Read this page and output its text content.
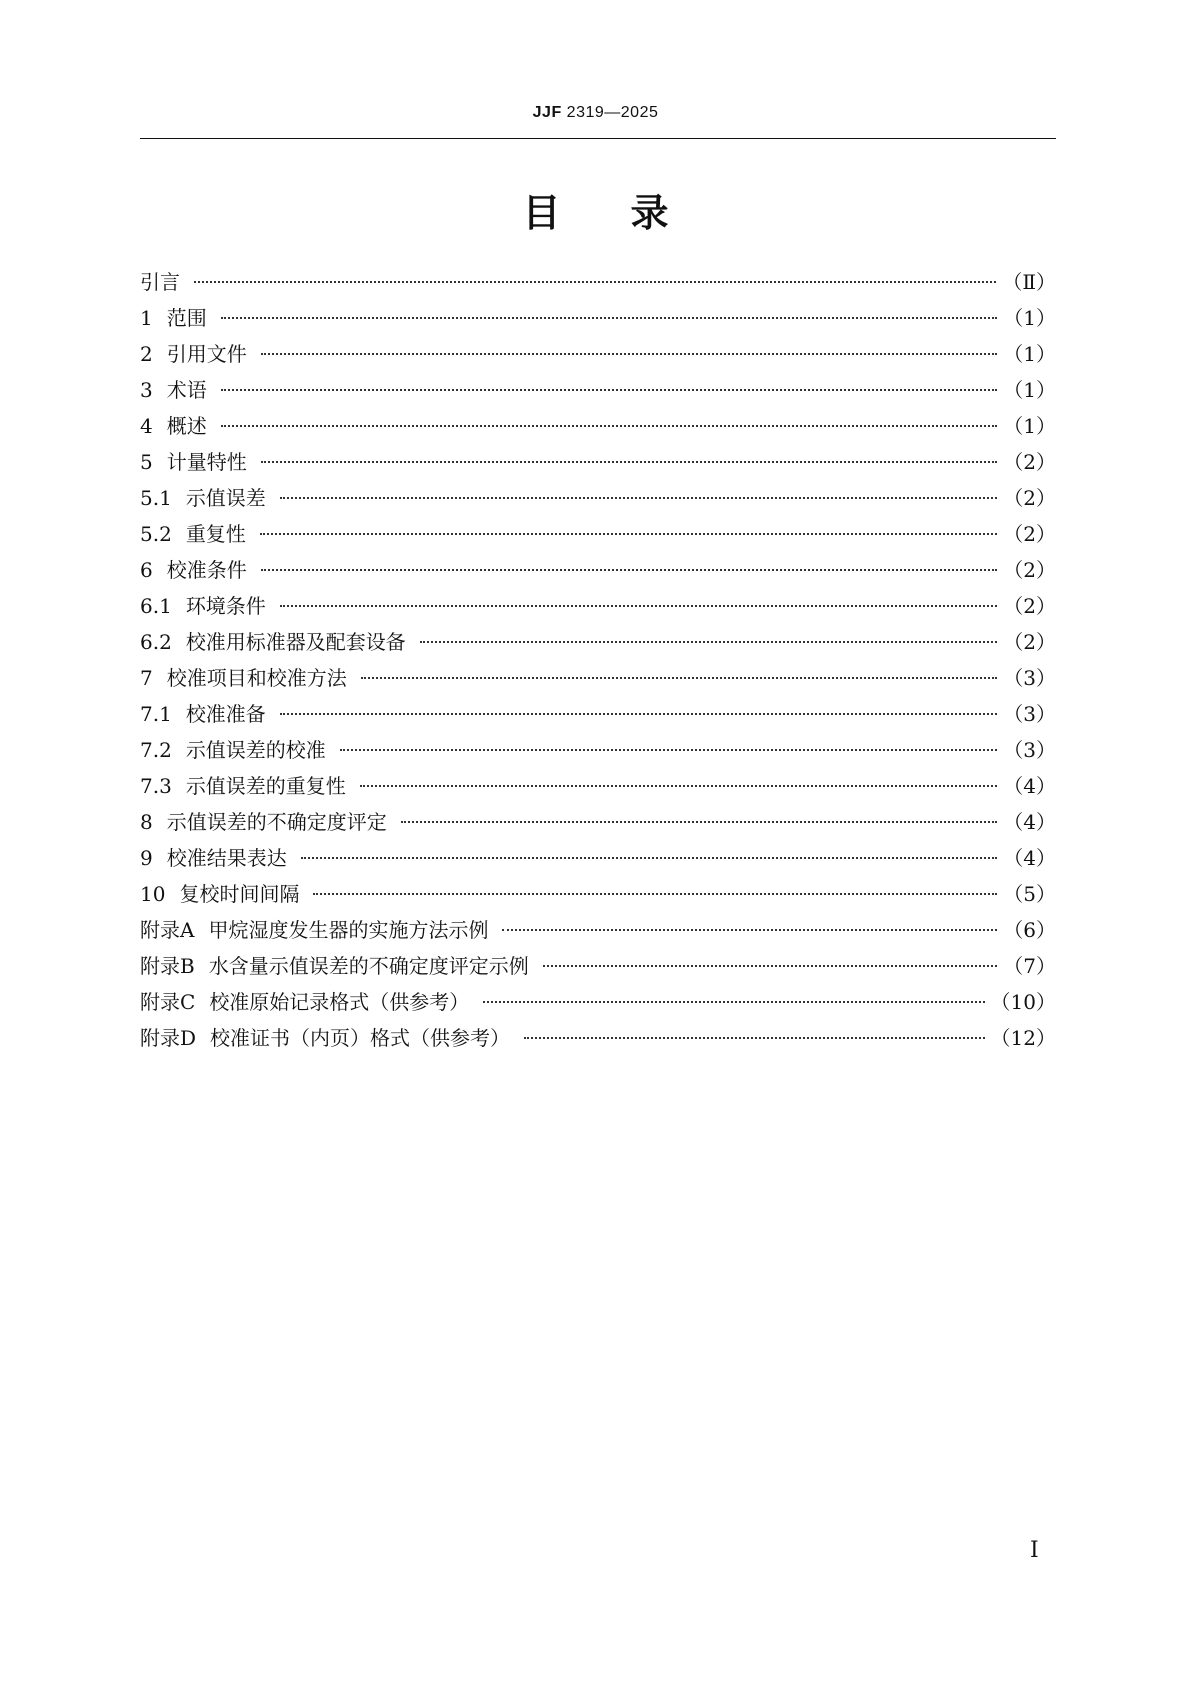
JJF 2319—2025
目录
引言	（Ⅱ）
1 范围	（1）
2 引用文件	（1）
3 术语	（1）
4 概述	（1）
5 计量特性	（2）
5.1 示值误差	（2）
5.2 重复性	（2）
6 校准条件	（2）
6.1 环境条件	（2）
6.2 校准用标准器及配套设备	（2）
7 校准项目和校准方法	（3）
7.1 校准准备	（3）
7.2 示值误差的校准	（3）
7.3 示值误差的重复性	（4）
8 示值误差的不确定度评定	（4）
9 校准结果表达	（4）
10 复校时间间隔	（5）
附录A 甲烷湿度发生器的实施方法示例	（6）
附录B 水含量示值误差的不确定度评定示例	（7）
附录C 校准原始记录格式（供参考）	（10）
附录D 校准证书（内页）格式（供参考）	（12）
Ⅰ
